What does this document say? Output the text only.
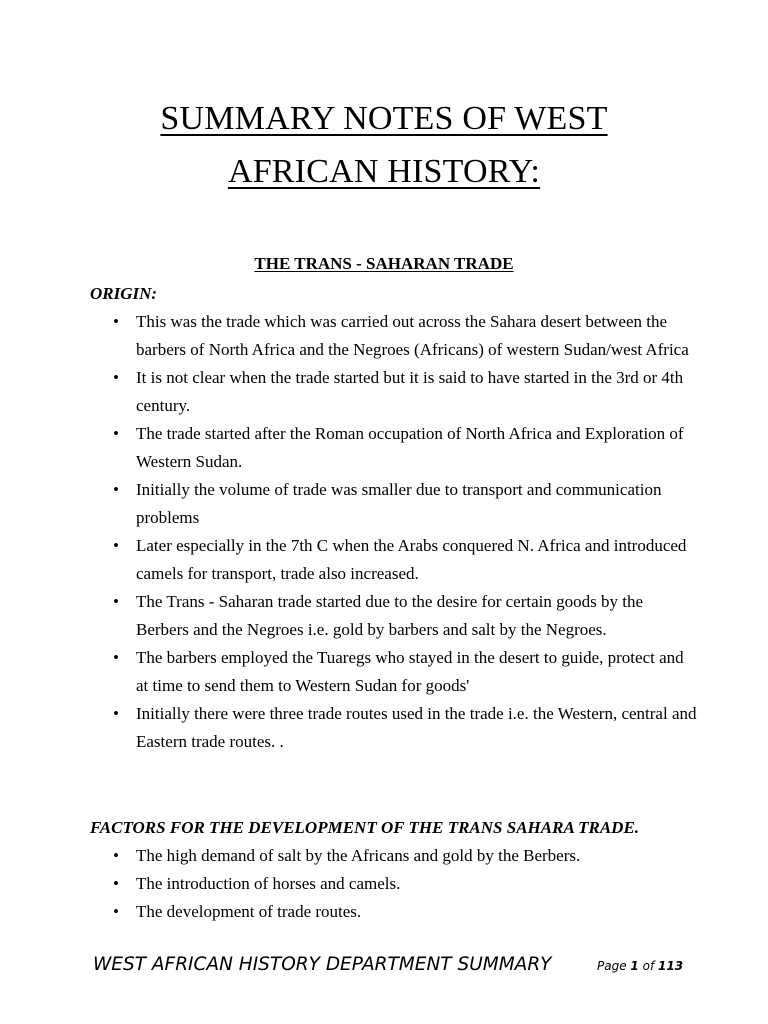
SUMMARY NOTES OF WEST
AFRICAN HISTORY:
THE TRANS - SAHARAN TRADE
ORIGIN:
• This was the trade which was carried out across the Sahara desert between the barbers of North Africa and the Negroes (Africans) of western Sudan/west Africa
• It is not clear when the trade started but it is said to have started in the 3rd or 4th century.
• The trade started after the Roman occupation of North Africa and Exploration of Western Sudan.
• Initially the volume of trade was smaller due to transport and communication problems
• Later especially in the 7th C when the Arabs conquered N. Africa and introduced camels for transport, trade also increased.
• The Trans - Saharan trade started due to the desire for certain goods by the Berbers and the Negroes i.e. gold by barbers and salt by the Negroes.
• The barbers employed the Tuaregs who stayed in the desert to guide, protect and at time to send them to Western Sudan for goods'
• Initially there were three trade routes used in the trade i.e. the Western, central and Eastern trade routes. .
FACTORS FOR THE DEVELOPMENT OF THE TRANS SAHARA TRADE.
• The high demand of salt by the Africans and gold by the Berbers.
• The introduction of horses and camels.
• The development of trade routes.
WEST AFRICAN HISTORY DEPARTMENT SUMMARY	Page 1 of 113
